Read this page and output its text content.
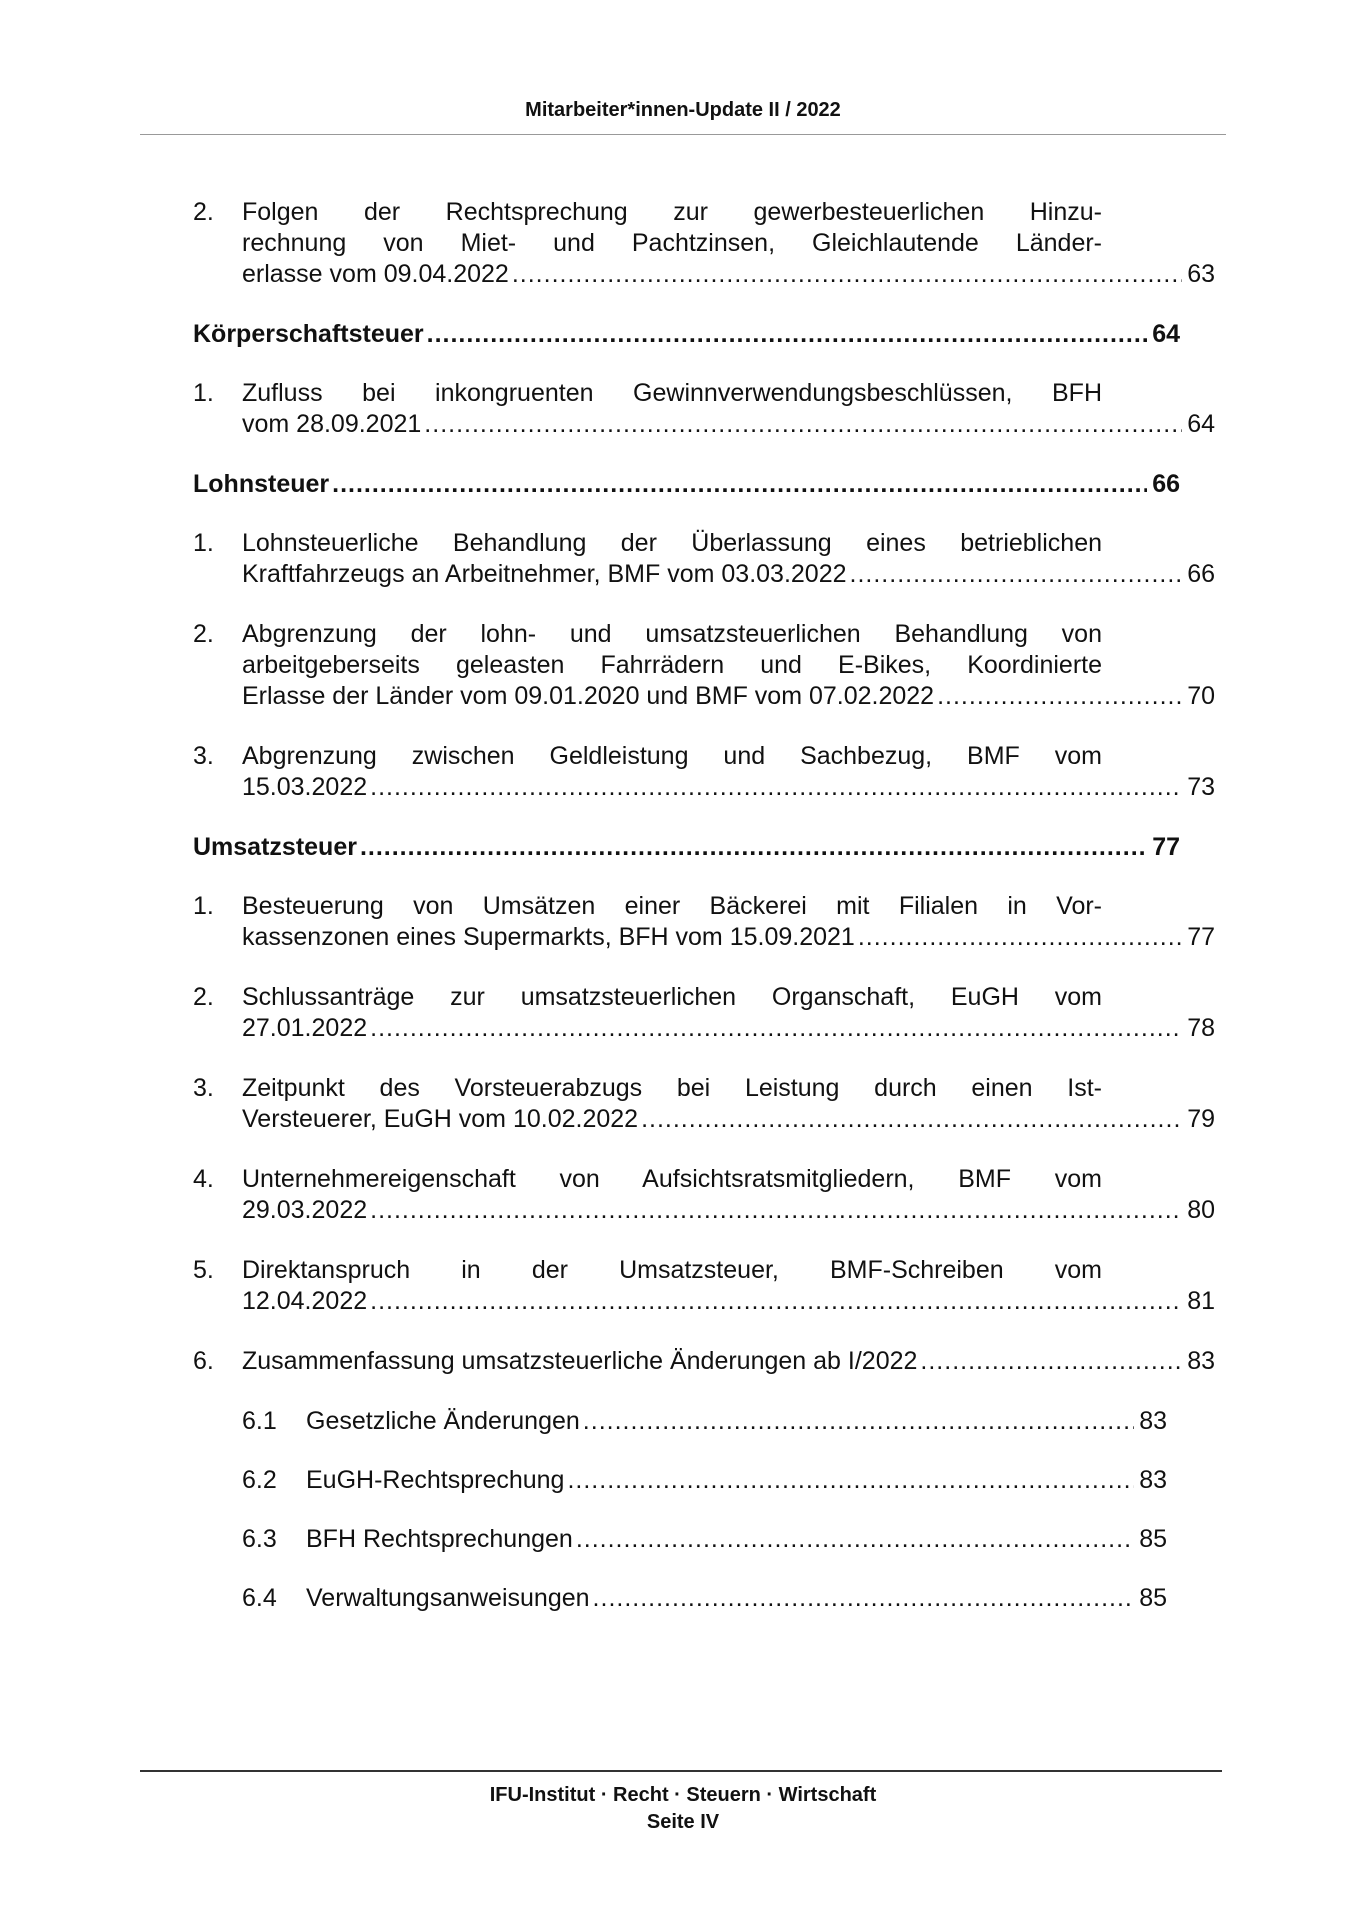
Mitarbeiter*innen-Update II / 2022
2. Folgen der Rechtsprechung zur gewerbesteuerlichen Hinzu-
rechnung von Miet- und Pachtzinsen, Gleichlautende Länder-
erlasse vom 09.04.2022 .....	63
Körperschaftsteuer .....	64
1. Zufluss bei inkongruenten Gewinnverwendungsbeschlüssen, BFH
vom 28.09.2021 .....	64
Lohnsteuer .....	66
1. Lohnsteuerliche Behandlung der Überlassung eines betrieblichen
Kraftfahrzeugs an Arbeitnehmer, BMF vom 03.03.2022 .....	66
2. Abgrenzung der lohn- und umsatzsteuerlichen Behandlung von
arbeitgeberseits geleasten Fahrrädern und E-Bikes, Koordinierte
Erlasse der Länder vom 09.01.2020 und BMF vom 07.02.2022 .....	70
3. Abgrenzung zwischen Geldleistung und Sachbezug, BMF vom
15.03.2022 .....	73
Umsatzsteuer .....	77
1. Besteuerung von Umsätzen einer Bäckerei mit Filialen in Vor-
kassenzonen eines Supermarkts, BFH vom 15.09.2021 .....	77
2. Schlussanträge zur umsatzsteuerlichen Organschaft, EuGH vom
27.01.2022 .....	78
3. Zeitpunkt des Vorsteuerabzugs bei Leistung durch einen Ist-
Versteuerer, EuGH vom 10.02.2022 .....	79
4. Unternehmereigenschaft von Aufsichtsratsmitgliedern, BMF vom
29.03.2022 .....	80
5. Direktanspruch in der Umsatzsteuer, BMF-Schreiben vom
12.04.2022 .....	81
6. Zusammenfassung umsatzsteuerliche Änderungen ab I/2022 .....	83
6.1 Gesetzliche Änderungen .....	83
6.2 EuGH-Rechtsprechung .....	83
6.3 BFH Rechtsprechungen .....	85
6.4 Verwaltungsanweisungen .....	85
IFU-Institut · Recht · Steuern · Wirtschaft
Seite IV
